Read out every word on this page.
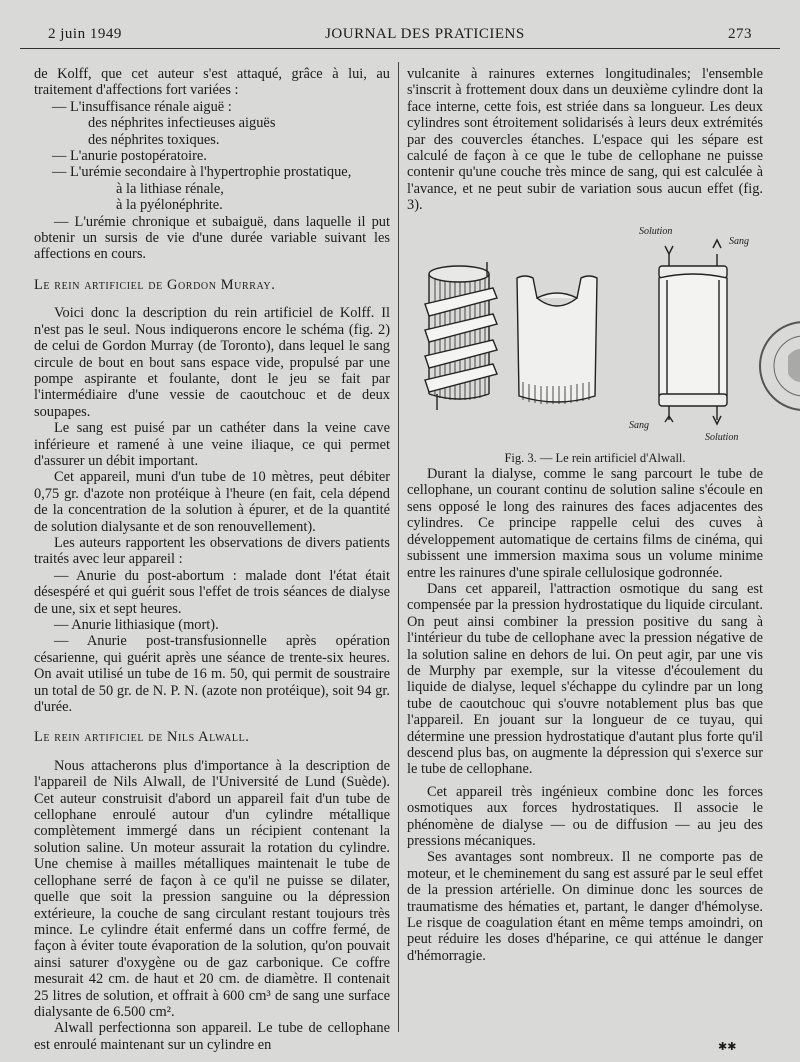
2 juin 1949	JOURNAL DES PRATICIENS	273

de Kolff, que cet auteur s'est attaqué, grâce à lui, au traitement d'affections fort variées :

— L'insuffisance rénale aiguë :

des néphrites infectieuses aiguës

des néphrites toxiques.

— L'anurie postopératoire.

— L'urémie secondaire à l'hypertrophie prostatique,

à la lithiase rénale,

à la pyélonéphrite.

— L'urémie chronique et subaiguë, dans laquelle il put obtenir un sursis de vie d'une durée variable suivant les affections en cours.

Le rein artificiel de Gordon Murray.

Voici donc la description du rein artificiel de Kolff. Il n'est pas le seul. Nous indiquerons encore le schéma (fig. 2) de celui de Gordon Murray (de Toronto), dans lequel le sang circule de bout en bout sans espace vide, propulsé par une pompe aspirante et foulante, dont le jeu se fait par l'intermédiaire d'une vessie de caoutchouc et de deux soupapes.

Le sang est puisé par un cathéter dans la veine cave inférieure et ramené à une veine iliaque, ce qui permet d'assurer un débit important.

Cet appareil, muni d'un tube de 10 mètres, peut débiter 0,75 gr. d'azote non protéique à l'heure (en fait, cela dépend de la concentration de la solution à épurer, et de la quantité de solution dialysante et de son renouvellement).

Les auteurs rapportent les observations de divers patients traités avec leur appareil :

— Anurie du post-abortum : malade dont l'état était désespéré et qui guérit sous l'effet de trois séances de dialyse de une, six et sept heures.

— Anurie lithiasique (mort).

— Anurie post-transfusionnelle après opération césarienne, qui guérit après une séance de trente-six heures. On avait utilisé un tube de 16 m. 50, qui permit de soustraire un total de 50 gr. de N. P. N. (azote non protéique), soit 94 gr. d'urée.

Le rein artificiel de Nils Alwall.

Nous attacherons plus d'importance à la description de l'appareil de Nils Alwall, de l'Université de Lund (Suède). Cet auteur construisit d'abord un appareil fait d'un tube de cellophane enroulé autour d'un cylindre métallique complètement immergé dans un récipient contenant la solution saline. Un moteur assurait la rotation du cylindre. Une chemise à mailles métalliques maintenait le tube de cellophane serré de façon à ce qu'il ne puisse se dilater, quelle que soit la pression sanguine ou la dépression extérieure, la couche de sang circulant restant toujours très mince. Le cylindre était enfermé dans un coffre fermé, de façon à éviter toute évaporation de la solution, qu'on pouvait ainsi saturer d'oxygène ou de gaz carbonique. Ce coffre mesurait 42 cm. de haut et 20 cm. de diamètre. Il contenait 25 litres de solution, et offrait à 600 cm³ de sang une surface dialysante de 6.500 cm².

Alwall perfectionna son appareil. Le tube de cellophane est enroulé maintenant sur un cylindre en

vulcanite à rainures externes longitudinales; l'ensemble s'inscrit à frottement doux dans un deuxième cylindre dont la face interne, cette fois, est striée dans sa longueur. Les deux cylindres sont étroitement solidarisés à leurs deux extrémités par des couvercles étanches. L'espace qui les sépare est calculé de façon à ce que le tube de cellophane ne puisse contenir qu'une couche très mince de sang, qui est calculée à l'avance, et ne peut subir de variation sous aucun effet (fig. 3).

Solution
Sang
Sang
Solution

Fig. 3. — Le rein artificiel d'Alwall.

Durant la dialyse, comme le sang parcourt le tube de cellophane, un courant continu de solution saline s'écoule en sens opposé le long des rainures des faces adjacentes des cylindres. Ce principe rappelle celui des cuves à développement automatique de certains films de cinéma, qui subissent une immersion maxima sous un volume minime entre les rainures d'une spirale cellulosique godronnée.

Dans cet appareil, l'attraction osmotique du sang est compensée par la pression hydrostatique du liquide circulant. On peut ainsi combiner la pression positive du sang à l'intérieur du tube de cellophane avec la pression négative de la solution saline en dehors de lui. On peut agir, par une vis de Murphy par exemple, sur la vitesse d'écoulement du liquide de dialyse, lequel s'échappe du cylindre par un long tube de caoutchouc qui s'ouvre notablement plus bas que l'appareil. En jouant sur la longueur de ce tuyau, qui détermine une pression hydrostatique d'autant plus forte qu'il descend plus bas, on augmente la dépression qui s'exerce sur le tube de cellophane.

Cet appareil très ingénieux combine donc les forces osmotiques aux forces hydrostatiques. Il associe le phénomène de dialyse — ou de diffusion — au jeu des pressions mécaniques.

Ses avantages sont nombreux. Il ne comporte pas de moteur, et le cheminement du sang est assuré par le seul effet de la pression artérielle. On diminue donc les sources de traumatisme des hématies et, partant, le danger d'hémolyse. Le risque de coagulation étant en même temps amoindri, on peut réduire les doses d'héparine, ce qui atténue le danger d'hémorragie.

✱✱
